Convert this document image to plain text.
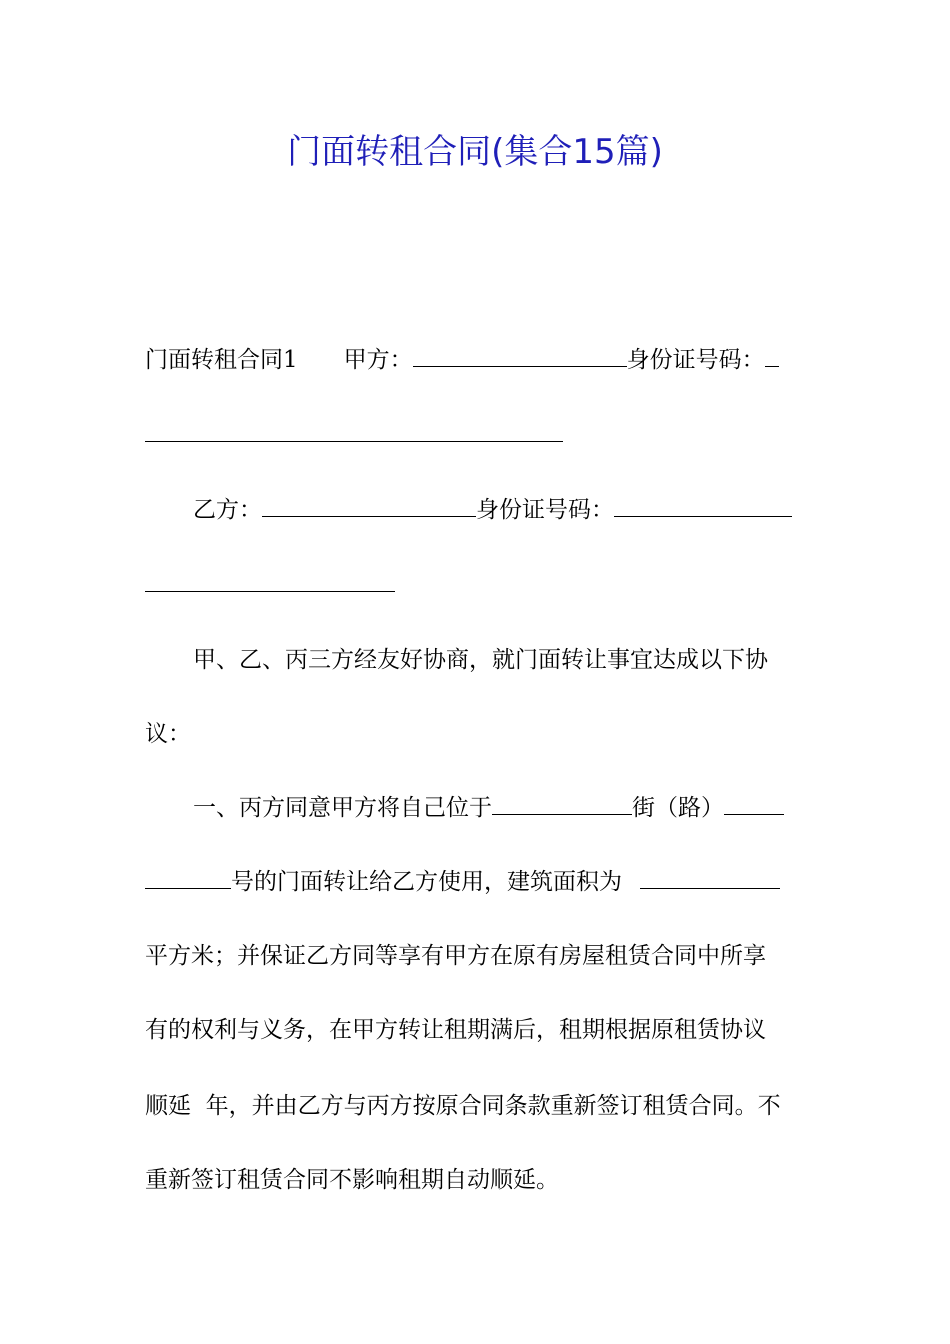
门面转租合同(集合15篇)
门面转租合同1 甲方：	身份证号码：
乙方：	身份证号码：
甲、乙、丙三方经友好协商，就门面转让事宜达成以下协
议：
一、丙方同意甲方将自己位于	街（路）
号的门面转让给乙方使用，建筑面积为
平方米；并保证乙方同等享有甲方在原有房屋租赁合同中所享
有的权利与义务，在甲方转让租期满后，租期根据原租赁协议
顺延  年，并由乙方与丙方按原合同条款重新签订租赁合同。不
重新签订租赁合同不影响租期自动顺延。
